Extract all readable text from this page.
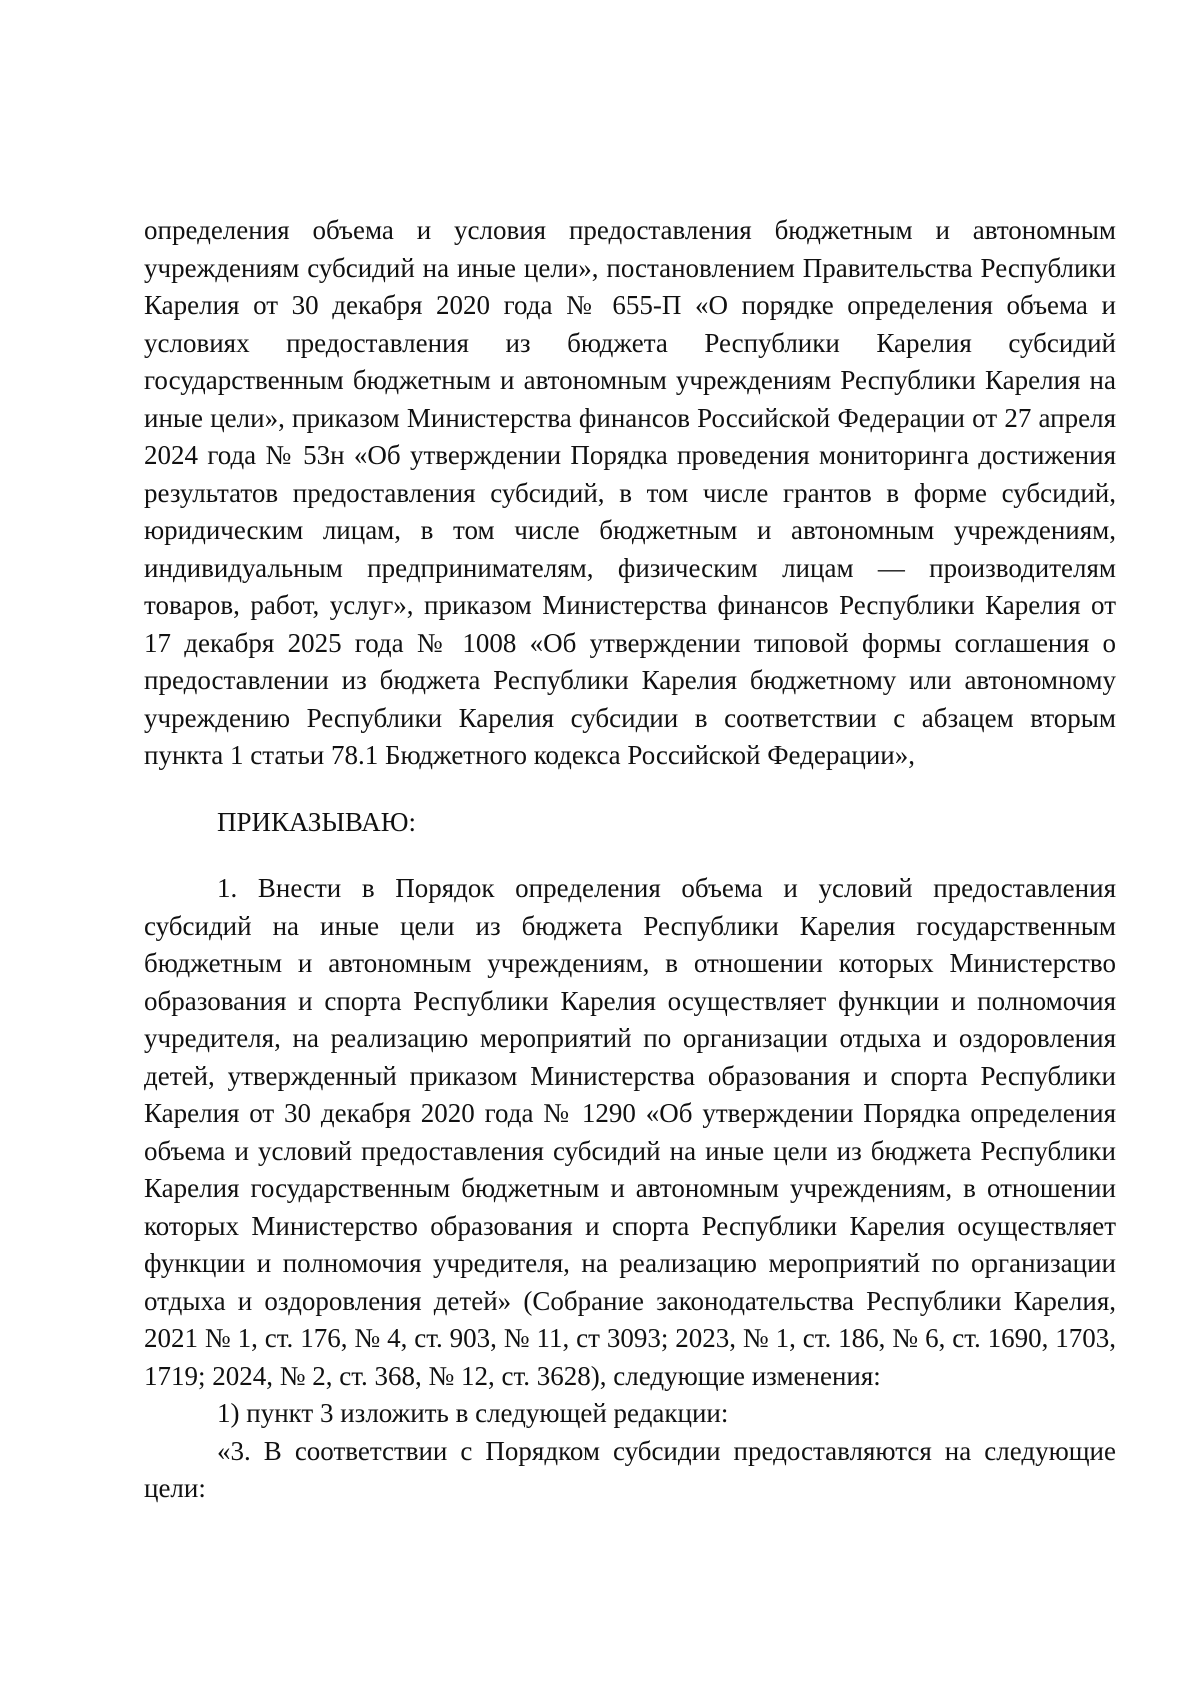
определения объема и условия предоставления бюджетным и автономным учреждениям субсидий на иные цели», постановлением Правительства Республики Карелия от 30 декабря 2020 года № 655-П «О порядке определения объема и условиях предоставления из бюджета Республики Карелия субсидий государственным бюджетным и автономным учреждениям Республики Карелия на иные цели», приказом Министерства финансов Российской Федерации от 27 апреля 2024 года № 53н «Об утверждении Порядка проведения мониторинга достижения результатов предоставления субсидий, в том числе грантов в форме субсидий, юридическим лицам, в том числе бюджетным и автономным учреждениям, индивидуальным предпринимателям, физическим лицам — производителям товаров, работ, услуг», приказом Министерства финансов Республики Карелия от 17 декабря 2025 года № 1008 «Об утверждении типовой формы соглашения о предоставлении из бюджета Республики Карелия бюджетному или автономному учреждению Республики Карелия субсидии в соответствии с абзацем вторым пункта 1 статьи 78.1 Бюджетного кодекса Российской Федерации»,

ПРИКАЗЫВАЮ:

1. Внести в Порядок определения объема и условий предоставления субсидий на иные цели из бюджета Республики Карелия государственным бюджетным и автономным учреждениям, в отношении которых Министерство образования и спорта Республики Карелия осуществляет функции и полномочия учредителя, на реализацию мероприятий по организации отдыха и оздоровления детей, утвержденный приказом Министерства образования и спорта Республики Карелия от 30 декабря 2020 года № 1290 «Об утверждении Порядка определения объема и условий предоставления субсидий на иные цели из бюджета Республики Карелия государственным бюджетным и автономным учреждениям, в отношении которых Министерство образования и спорта Республики Карелия осуществляет функции и полномочия учредителя, на реализацию мероприятий по организации отдыха и оздоровления детей» (Собрание законодательства Республики Карелия, 2021 № 1, ст. 176, № 4, ст. 903, № 11, ст 3093; 2023, № 1, ст. 186, № 6, ст. 1690, 1703, 1719; 2024, № 2, ст. 368, № 12, ст. 3628), следующие изменения:

1) пункт 3 изложить в следующей редакции:

«3. В соответствии с Порядком субсидии предоставляются на следующие цели:
